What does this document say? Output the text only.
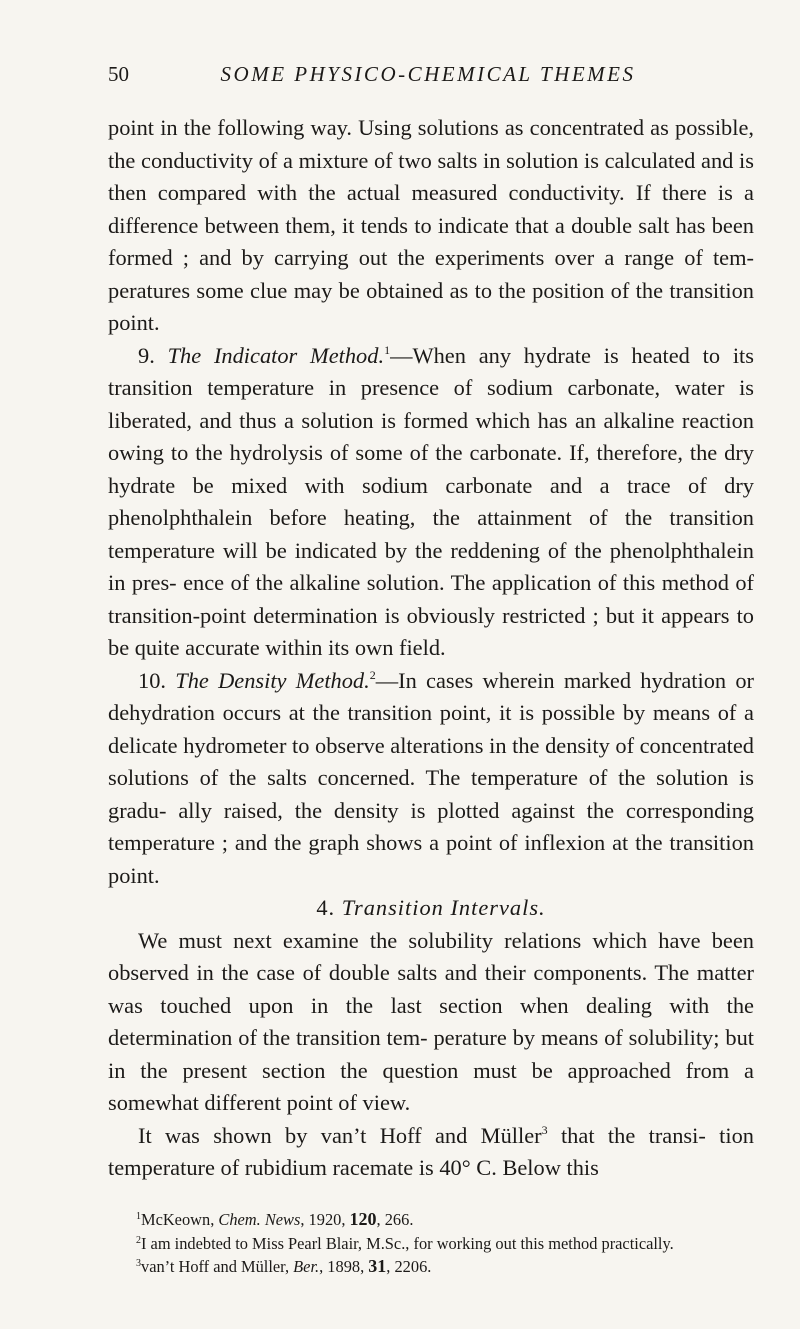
50	SOME PHYSICO-CHEMICAL THEMES

point in the following way. Using solutions as concentrated as possible, the conductivity of a mixture of two salts in solution is calculated and is then compared with the actual measured conductivity. If there is a difference between them, it tends to indicate that a double salt has been formed ; and by carrying out the experiments over a range of tem- peratures some clue may be obtained as to the position of the transition point.

9. The Indicator Method.$^1$—When any hydrate is heated to its transition temperature in presence of sodium carbonate, water is liberated, and thus a solution is formed which has an alkaline reaction owing to the hydrolysis of some of the carbonate. If, therefore, the dry hydrate be mixed with sodium carbonate and a trace of dry phenolphthalein before heating, the attainment of the transition temperature will be indicated by the reddening of the phenolphthalein in pres- ence of the alkaline solution. The application of this method of transition-point determination is obviously restricted ; but it appears to be quite accurate within its own field.

10. The Density Method.$^2$—In cases wherein marked hydration or dehydration occurs at the transition point, it is possible by means of a delicate hydrometer to observe alterations in the density of concentrated solutions of the salts concerned. The temperature of the solution is gradu- ally raised, the density is plotted against the corresponding temperature ; and the graph shows a point of inflexion at the transition point.

4. Transition Intervals.

We must next examine the solubility relations which have been observed in the case of double salts and their components. The matter was touched upon in the last section when dealing with the determination of the transition tem- perature by means of solubility; but in the present section the question must be approached from a somewhat different point of view.

It was shown by van’t Hoff and Müller$^3$ that the transi- tion temperature of rubidium racemate is 40° C. Below this

$^1$McKeown, Chem. News, 1920, 120, 266.

$^2$I am indebted to Miss Pearl Blair, M.Sc., for working out this method practically.

$^3$van’t Hoff and Müller, Ber., 1898, 31, 2206.
